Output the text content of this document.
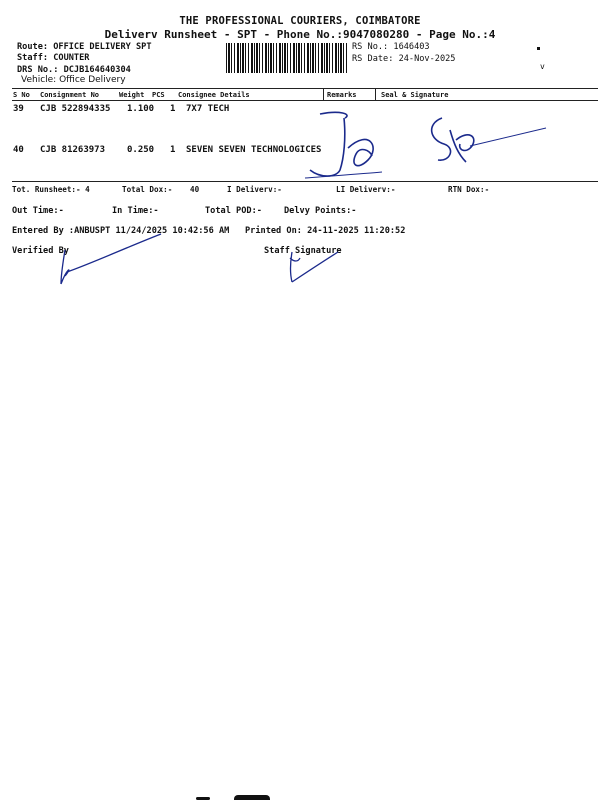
THE PROFESSIONAL COURIERS, COIMBATORE
Deliverv Runsheet - SPT - Phone No.:9047080280 - Page No.:4
Route: OFFICE DELIVERY SPT
Staff: COUNTER
DRS No.: DCJB164640304
Vehicle: Office Delivery
RS No.: 1646403
RS Date: 24-Nov-2025
v
S No Consignment No	Weight PCS Consignee Details	Remarks	Seal & Signature
39 CJB 522894335 1.100 1 7X7 TECH
40 CJB 81263973 0.250 1 SEVEN SEVEN TECHNOLOGICES
Tot. Runsheet:- 4	Total Dox:- 40	I Deliverv:-	LI Deliverv:-	RTN Dox:-
Out Time:-	In Time:-	Total POD:-	Delvy Points:-
Entered By :ANBUSPT 11/24/2025 10:42:56 AM Printed On: 24-11-2025 11:20:52
Verified By	Staff Signature
